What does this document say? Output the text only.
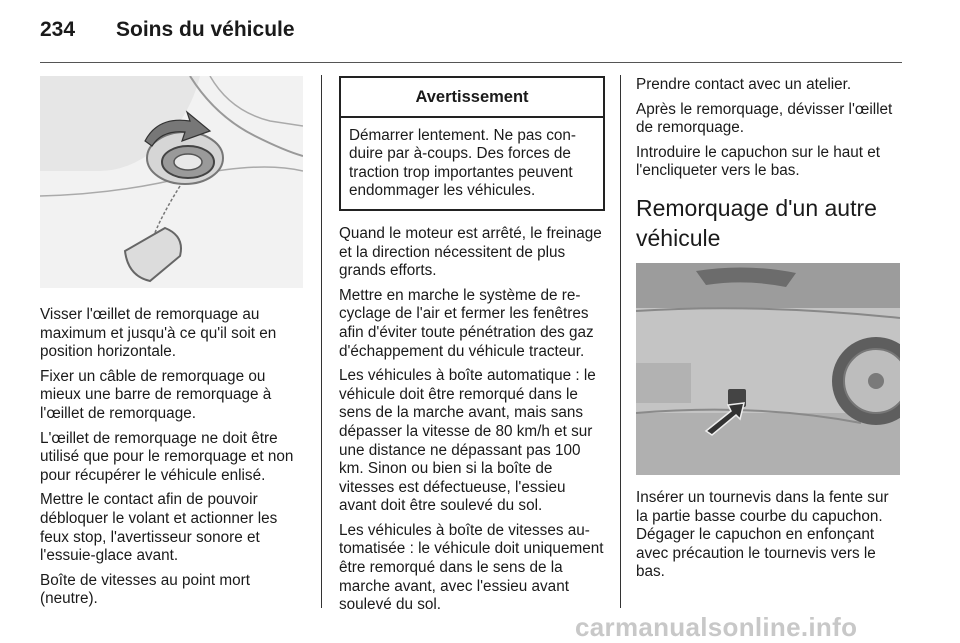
234 Soins du véhicule

Visser l'œillet de remorquage au maximum et jusqu'à ce qu'il soit en position horizontale.

Fixer un câble de remorquage ou mieux une barre de remorquage à l'œillet de remorquage.

L'œillet de remorquage ne doit être utilisé que pour le remorquage et non pour récupérer le véhicule enlisé.

Mettre le contact afin de pouvoir débloquer le volant et actionner les feux stop, l'avertisseur sonore et l'essuie-glace avant.

Boîte de vitesses au point mort (neutre).

Avertissement
Démarrer lentement. Ne pas conduire par à-coups. Des forces de traction trop importantes peuvent endommager les véhicules.

Quand le moteur est arrêté, le freinage et la direction nécessitent de plus grands efforts.

Mettre en marche le système de recyclage de l'air et fermer les fenêtres afin d'éviter toute pénétration des gaz d'échappement du véhicule tracteur.

Les véhicules à boîte automatique : le véhicule doit être remorqué dans le sens de la marche avant, mais sans dépasser la vitesse de 80 km/h et sur une distance ne dépassant pas 100 km. Sinon ou bien si la boîte de vitesses est défectueuse, l'essieu avant doit être soulevé du sol.

Les véhicules à boîte de vitesses automatisée : le véhicule doit uniquement être remorqué dans le sens de la marche avant, avec l'essieu avant soulevé du sol.

Prendre contact avec un atelier.

Après le remorquage, dévisser l'œillet de remorquage.

Introduire le capuchon sur le haut et l'encliqueter vers le bas.

Remorquage d'un autre véhicule

Insérer un tournevis dans la fente sur la partie basse courbe du capuchon. Dégager le capuchon en enfonçant avec précaution le tournevis vers le bas.

carmanualsonline.info
